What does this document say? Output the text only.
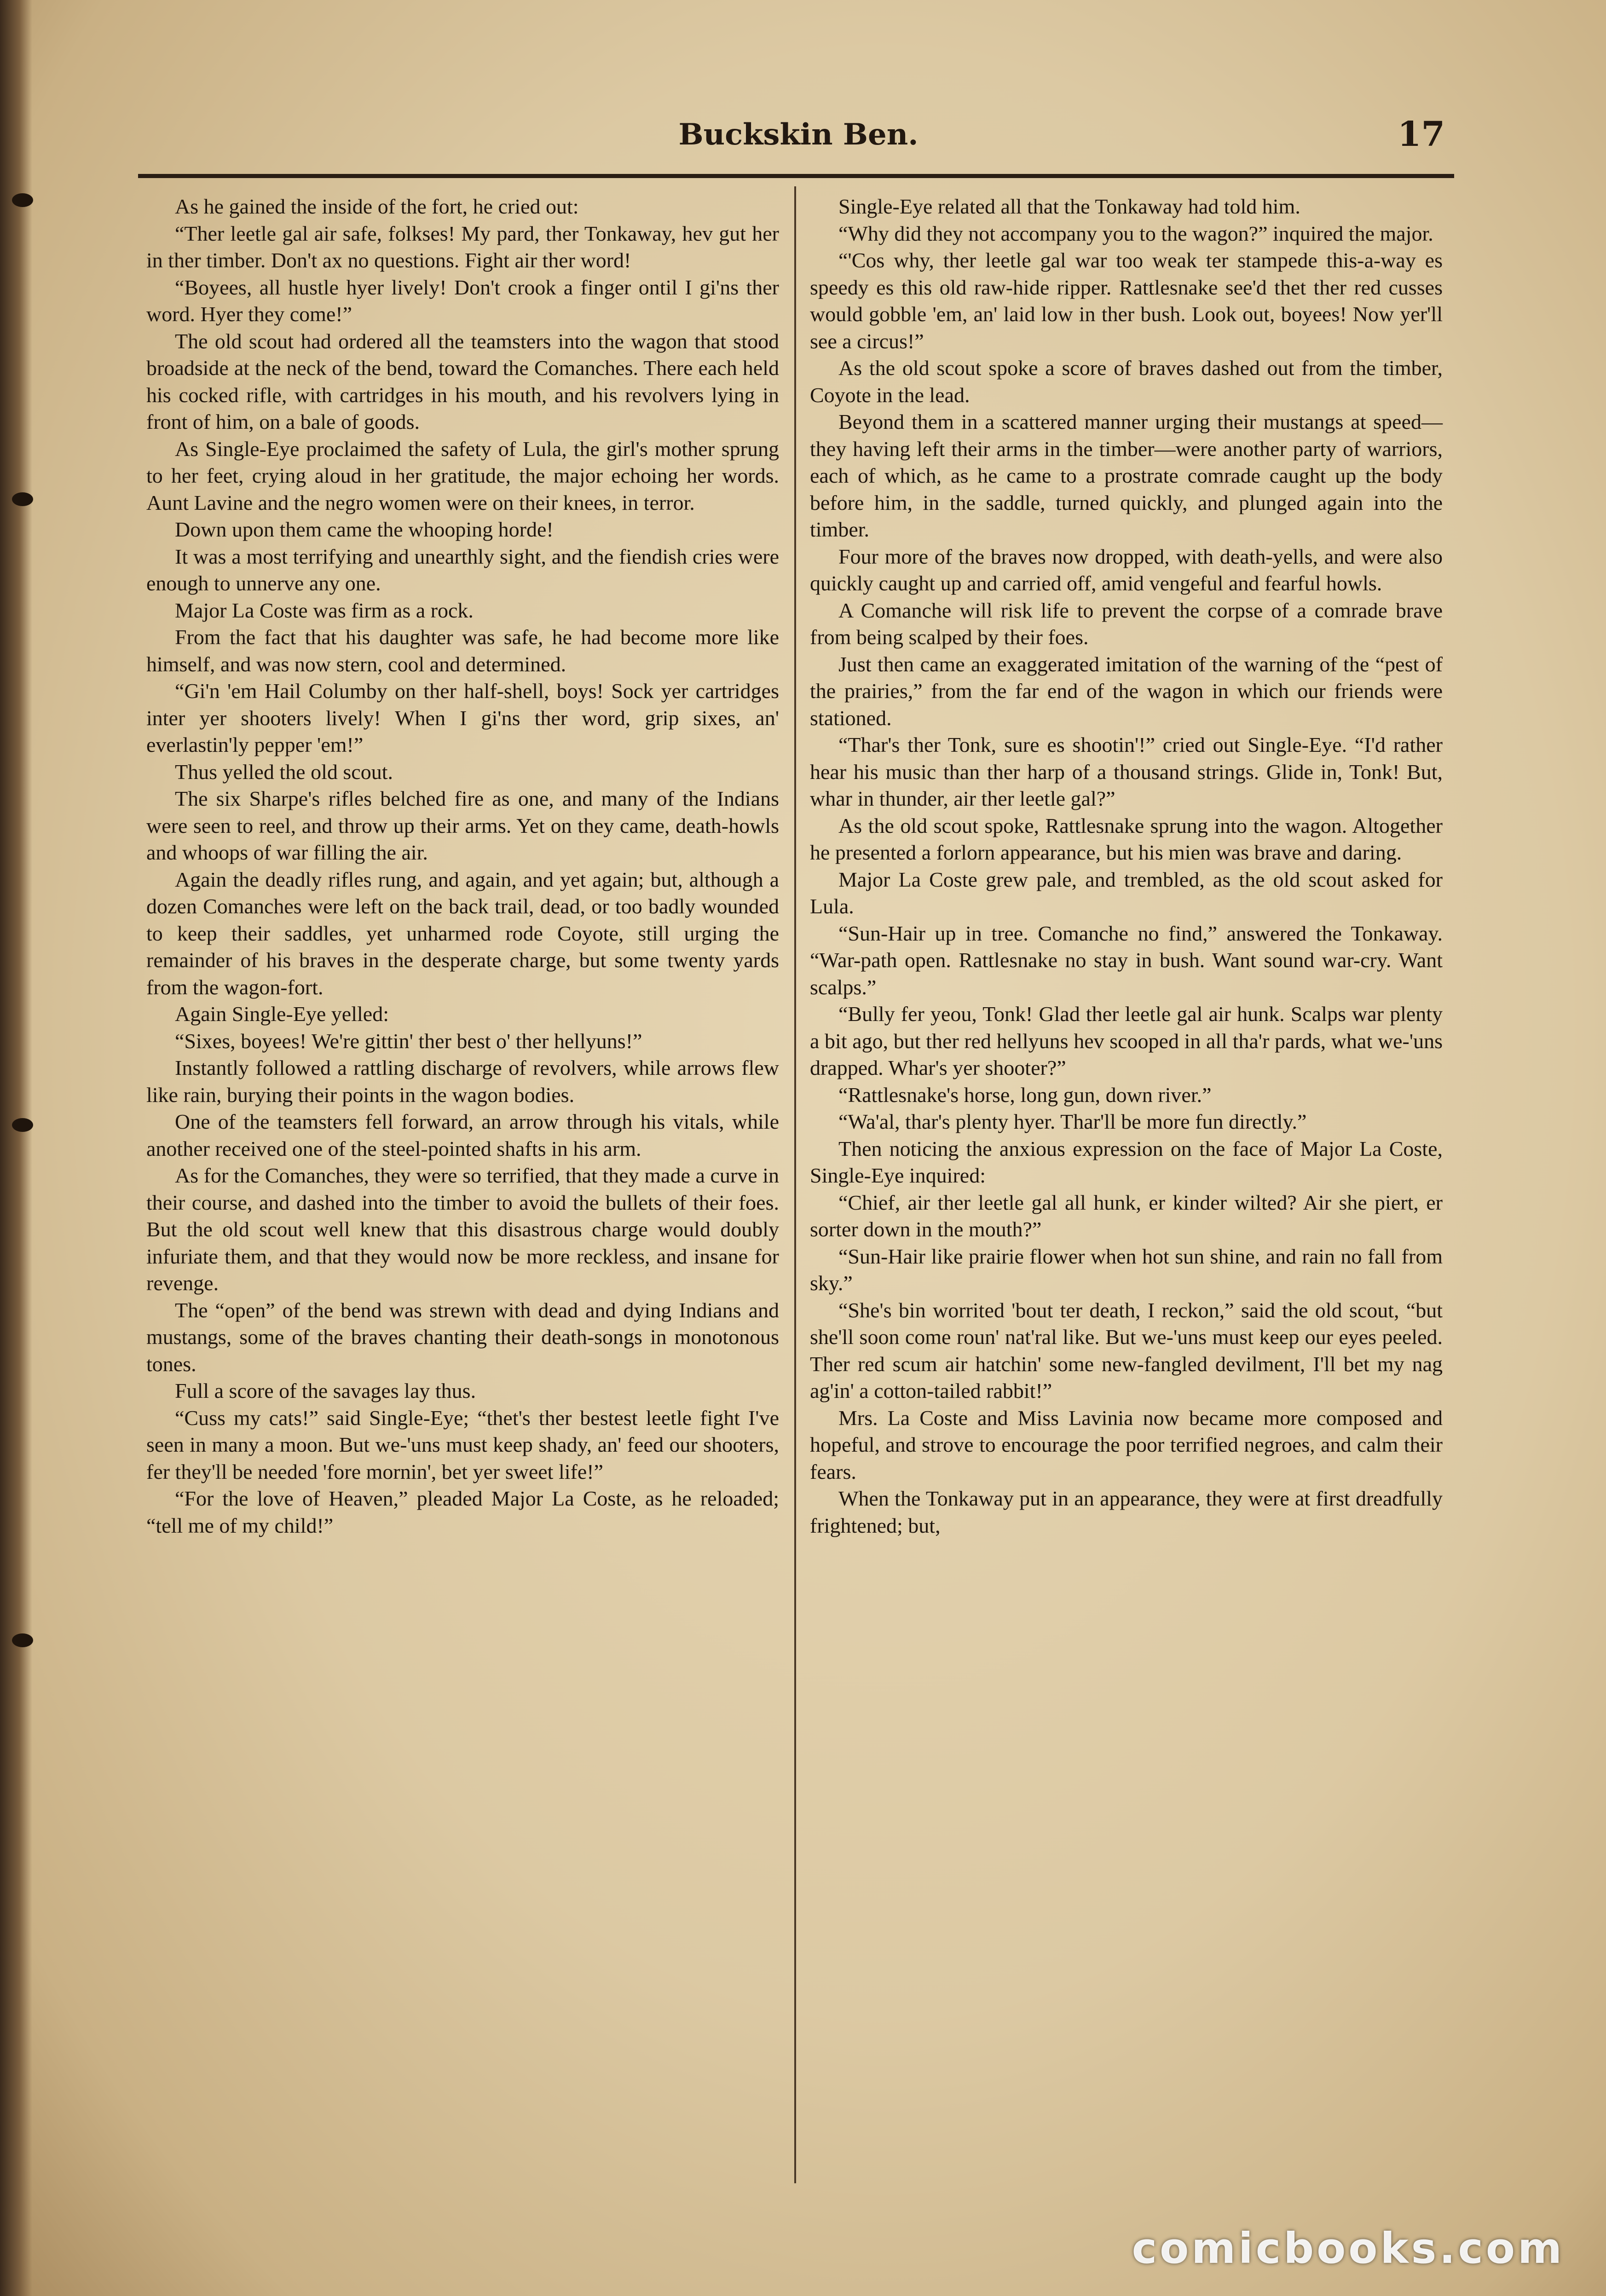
Buckskin Ben.	17

As he gained the inside of the fort, he cried out:

“Ther leetle gal air safe, folkses! My pard, ther Tonkaway, hev gut her in ther timber. Don't ax no questions. Fight air ther word!

“Boyees, all hustle hyer lively! Don't crook a finger ontil I gi'ns ther word. Hyer they come!”

The old scout had ordered all the teamsters into the wagon that stood broadside at the neck of the bend, toward the Comanches. There each held his cocked rifle, with cartridges in his mouth, and his revolvers lying in front of him, on a bale of goods.

As Single-Eye proclaimed the safety of Lula, the girl's mother sprung to her feet, crying aloud in her gratitude, the major echoing her words. Aunt Lavine and the negro women were on their knees, in terror.

Down upon them came the whooping horde!

It was a most terrifying and unearthly sight, and the fiendish cries were enough to unnerve any one.

Major La Coste was firm as a rock.

From the fact that his daughter was safe, he had become more like himself, and was now stern, cool and determined.

“Gi'n 'em Hail Columby on ther half-shell, boys! Sock yer cartridges inter yer shooters lively! When I gi'ns ther word, grip sixes, an' everlastin'ly pepper 'em!”

Thus yelled the old scout.

The six Sharpe's rifles belched fire as one, and many of the Indians were seen to reel, and throw up their arms. Yet on they came, death-howls and whoops of war filling the air.

Again the deadly rifles rung, and again, and yet again; but, although a dozen Comanches were left on the back trail, dead, or too badly wounded to keep their saddles, yet unharmed rode Coyote, still urging the remainder of his braves in the desperate charge, but some twenty yards from the wagon-fort.

Again Single-Eye yelled:

“Sixes, boyees! We're gittin' ther best o' ther hellyuns!”

Instantly followed a rattling discharge of revolvers, while arrows flew like rain, burying their points in the wagon bodies.

One of the teamsters fell forward, an arrow through his vitals, while another received one of the steel-pointed shafts in his arm.

As for the Comanches, they were so terrified, that they made a curve in their course, and dashed into the timber to avoid the bullets of their foes. But the old scout well knew that this disastrous charge would doubly infuriate them, and that they would now be more reckless, and insane for revenge.

The “open” of the bend was strewn with dead and dying Indians and mustangs, some of the braves chanting their death-songs in monotonous tones.

Full a score of the savages lay thus.

“Cuss my cats!” said Single-Eye; “thet's ther bestest leetle fight I've seen in many a moon. But we-'uns must keep shady, an' feed our shooters, fer they'll be needed 'fore mornin', bet yer sweet life!”

“For the love of Heaven,” pleaded Major La Coste, as he reloaded; “tell me of my child!”

Single-Eye related all that the Tonkaway had told him.

“Why did they not accompany you to the wagon?” inquired the major.

“'Cos why, ther leetle gal war too weak ter stampede this-a-way es speedy es this old raw-hide ripper. Rattlesnake see'd thet ther red cusses would gobble 'em, an' laid low in ther bush. Look out, boyees! Now yer'll see a circus!”

As the old scout spoke a score of braves dashed out from the timber, Coyote in the lead.

Beyond them in a scattered manner urging their mustangs at speed—they having left their arms in the timber—were another party of warriors, each of which, as he came to a prostrate comrade caught up the body before him, in the saddle, turned quickly, and plunged again into the timber.

Four more of the braves now dropped, with death-yells, and were also quickly caught up and carried off, amid vengeful and fearful howls.

A Comanche will risk life to prevent the corpse of a comrade brave from being scalped by their foes.

Just then came an exaggerated imitation of the warning of the “pest of the prairies,” from the far end of the wagon in which our friends were stationed.

“Thar's ther Tonk, sure es shootin'!” cried out Single-Eye. “I'd rather hear his music than ther harp of a thousand strings. Glide in, Tonk! But, whar in thunder, air ther leetle gal?”

As the old scout spoke, Rattlesnake sprung into the wagon. Altogether he presented a forlorn appearance, but his mien was brave and daring.

Major La Coste grew pale, and trembled, as the old scout asked for Lula.

“Sun-Hair up in tree. Comanche no find,” answered the Tonkaway. “War-path open. Rattlesnake no stay in bush. Want sound war-cry. Want scalps.”

“Bully fer yeou, Tonk! Glad ther leetle gal air hunk. Scalps war plenty a bit ago, but ther red hellyuns hev scooped in all tha'r pards, what we-'uns drapped. Whar's yer shooter?”

“Rattlesnake's horse, long gun, down river.”

“Wa'al, thar's plenty hyer. Thar'll be more fun directly.”

Then noticing the anxious expression on the face of Major La Coste, Single-Eye inquired:

“Chief, air ther leetle gal all hunk, er kinder wilted? Air she piert, er sorter down in the mouth?”

“Sun-Hair like prairie flower when hot sun shine, and rain no fall from sky.”

“She's bin worrited 'bout ter death, I reckon,” said the old scout, “but she'll soon come roun' nat'ral like. But we-'uns must keep our eyes peeled. Ther red scum air hatchin' some new-fangled devilment, I'll bet my nag ag'in' a cotton-tailed rabbit!”

Mrs. La Coste and Miss Lavinia now became more composed and hopeful, and strove to encourage the poor terrified negroes, and calm their fears.

When the Tonkaway put in an appearance, they were at first dreadfully frightened; but,

comicbooks.com
